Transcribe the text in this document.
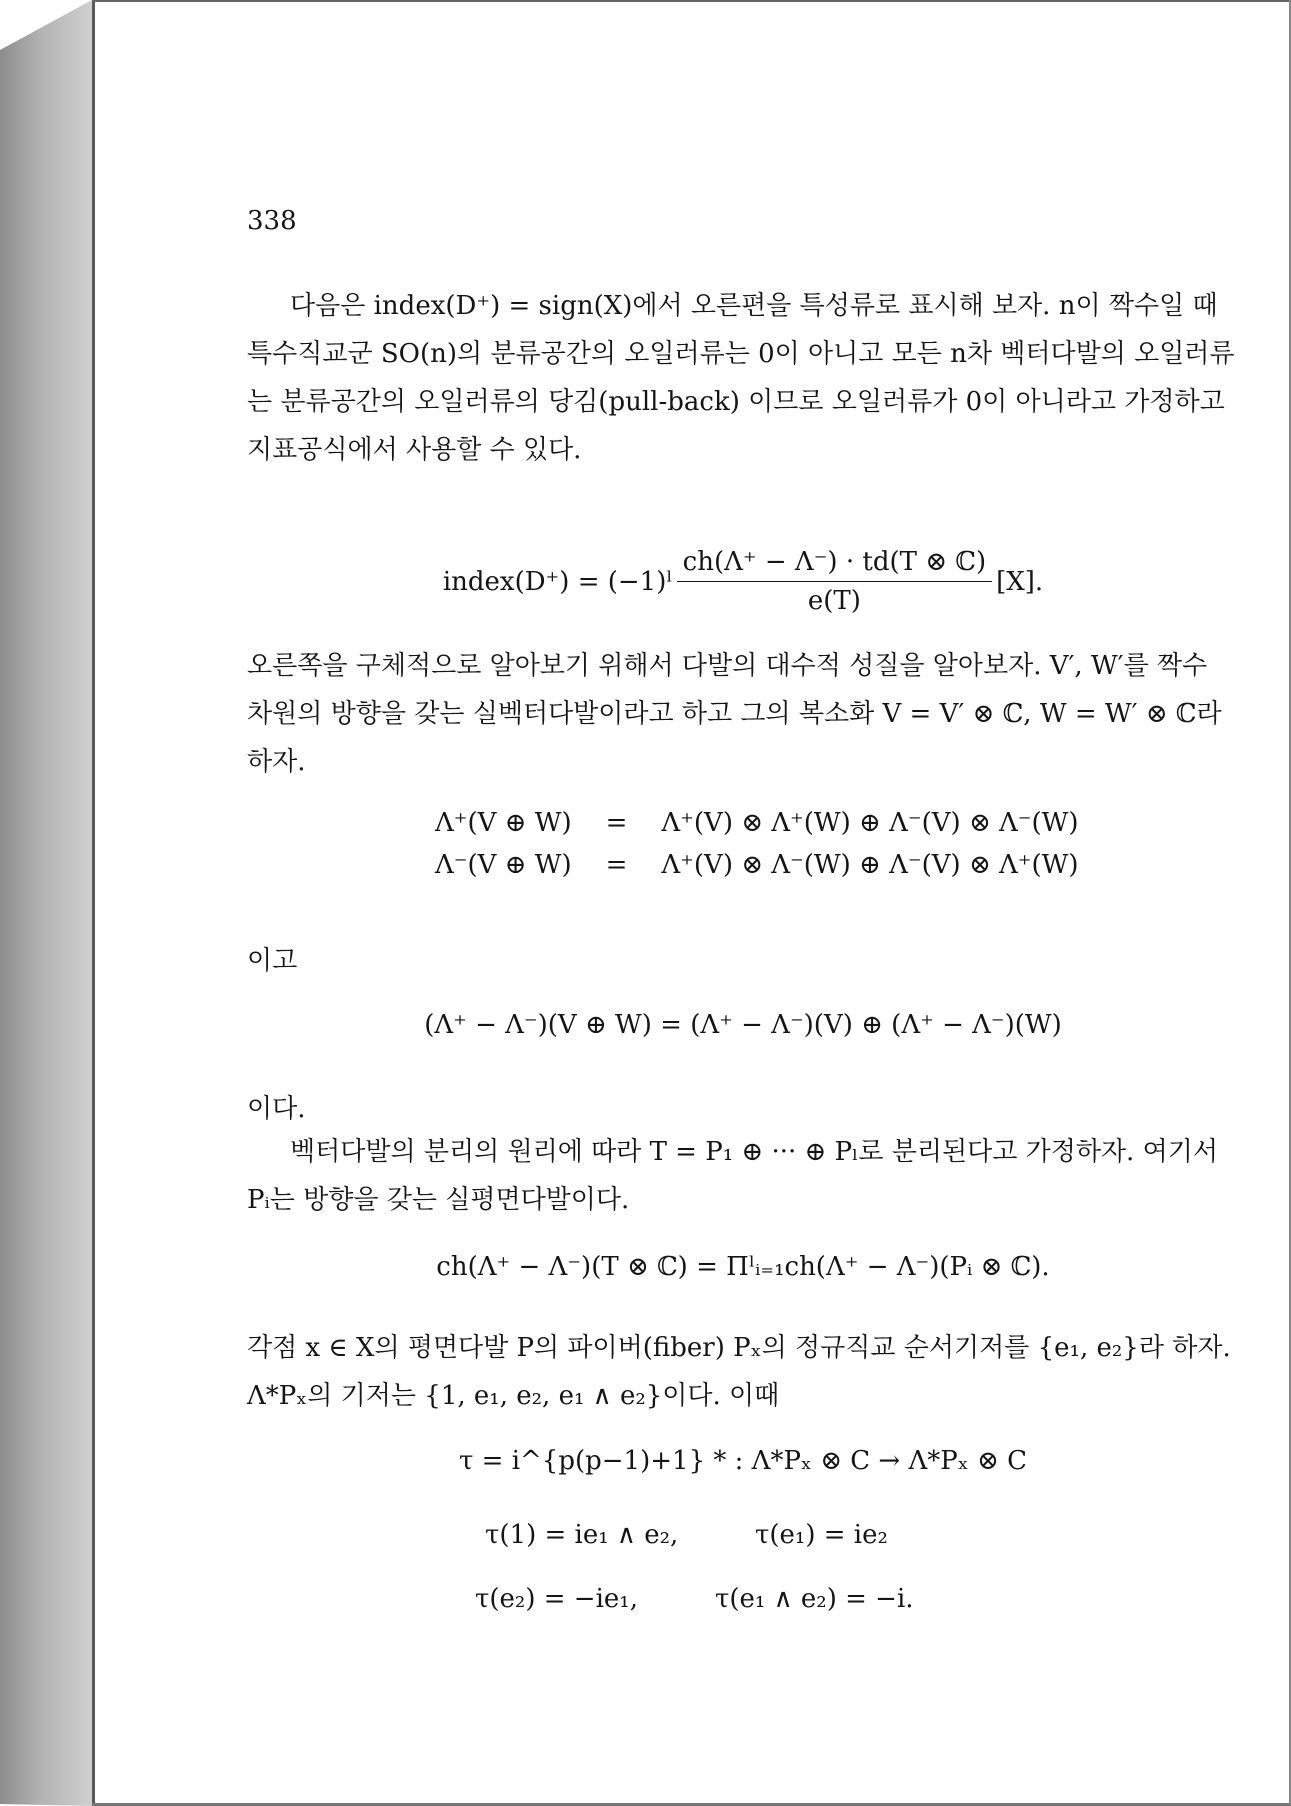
338

다음은 index(D⁺) = sign(X)에서 오른편을 특성류로 표시해 보자. n이 짝수일 때 특수직교군 SO(n)의 분류공간의 오일러류는 0이 아니고 모든 n차 벡터다발의 오일러류는 분류공간의 오일러류의 당김(pull-back) 이므로 오일러류가 0이 아니라고 가정하고 지표공식에서 사용할 수 있다.

index(D⁺) = (−1)ˡ $\frac{\text{ch(Λ⁺ − Λ⁻) · td(T ⊗ ℂ)}}{e(T)} [X]$.

오른쪽을 구체적으로 알아보기 위해서 다발의 대수적 성질을 알아보자. V′, W′를 짝수 차원의 방향을 갖는 실벡터다발이라고 하고 그의 복소화 V = V′ ⊗ ℂ, W = W′ ⊗ ℂ라 하자.

Λ⁺(V ⊕ W)	=	Λ⁺(V) ⊗ Λ⁺(W) ⊕ Λ⁻(V) ⊗ Λ⁻(W)
Λ⁻(V ⊕ W)	=	Λ⁺(V) ⊗ Λ⁻(W) ⊕ Λ⁻(V) ⊗ Λ⁺(W)
이고
(Λ⁺ − Λ⁻)(V ⊕ W) = (Λ⁺ − Λ⁻)(V) ⊕ (Λ⁺ − Λ⁻)(W)
이다.

벡터다발의 분리의 원리에 따라 T = P₁ ⊕ ··· ⊕ Pₗ로 분리된다고 가정하자. 여기서 Pᵢ는 방향을 갖는 실평면다발이다.

ch(Λ⁺ − Λ⁻)(T ⊗ ℂ) = Πˡᵢ₌₁ch(Λ⁺ − Λ⁻)(Pᵢ ⊗ ℂ).

각점 x ∈ X의 평면다발 P의 파이버(fiber) Pₓ의 정규직교 순서기저를 {e₁, e₂}라 하자. Λ*Pₓ의 기저는 {1, e₁, e₂, e₁ ∧ e₂}이다. 이때

τ = i^{p(p−1)+1} * : Λ*Pₓ ⊗ C → Λ*Pₓ ⊗ C
τ(1) = ie₁ ∧ e₂,	τ(e₁) = ie₂
τ(e₂) = −ie₁,	τ(e₁ ∧ e₂) = −i.
